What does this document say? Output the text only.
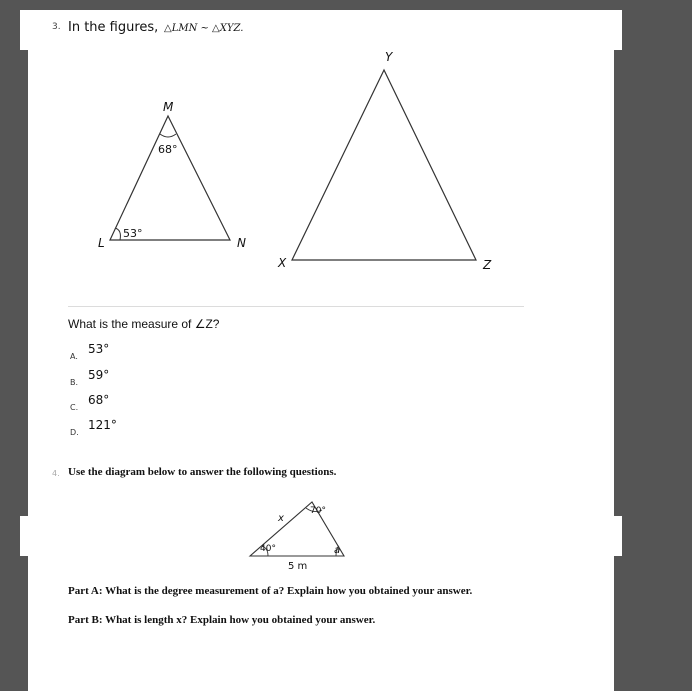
3. In the figures, △LMN ~ △XYZ.
M
L	N
68°
53°
Y
X	Z
What is the measure of ∠Z?
A.
53°
B.
59°
C.
68°
D.
121°
4. Use the diagram below to answer the following questions.
70°
40°
x
a
5 m
Part A: What is the degree measurement of a? Explain how you obtained your answer.
Part B: What is length x? Explain how you obtained your answer.
